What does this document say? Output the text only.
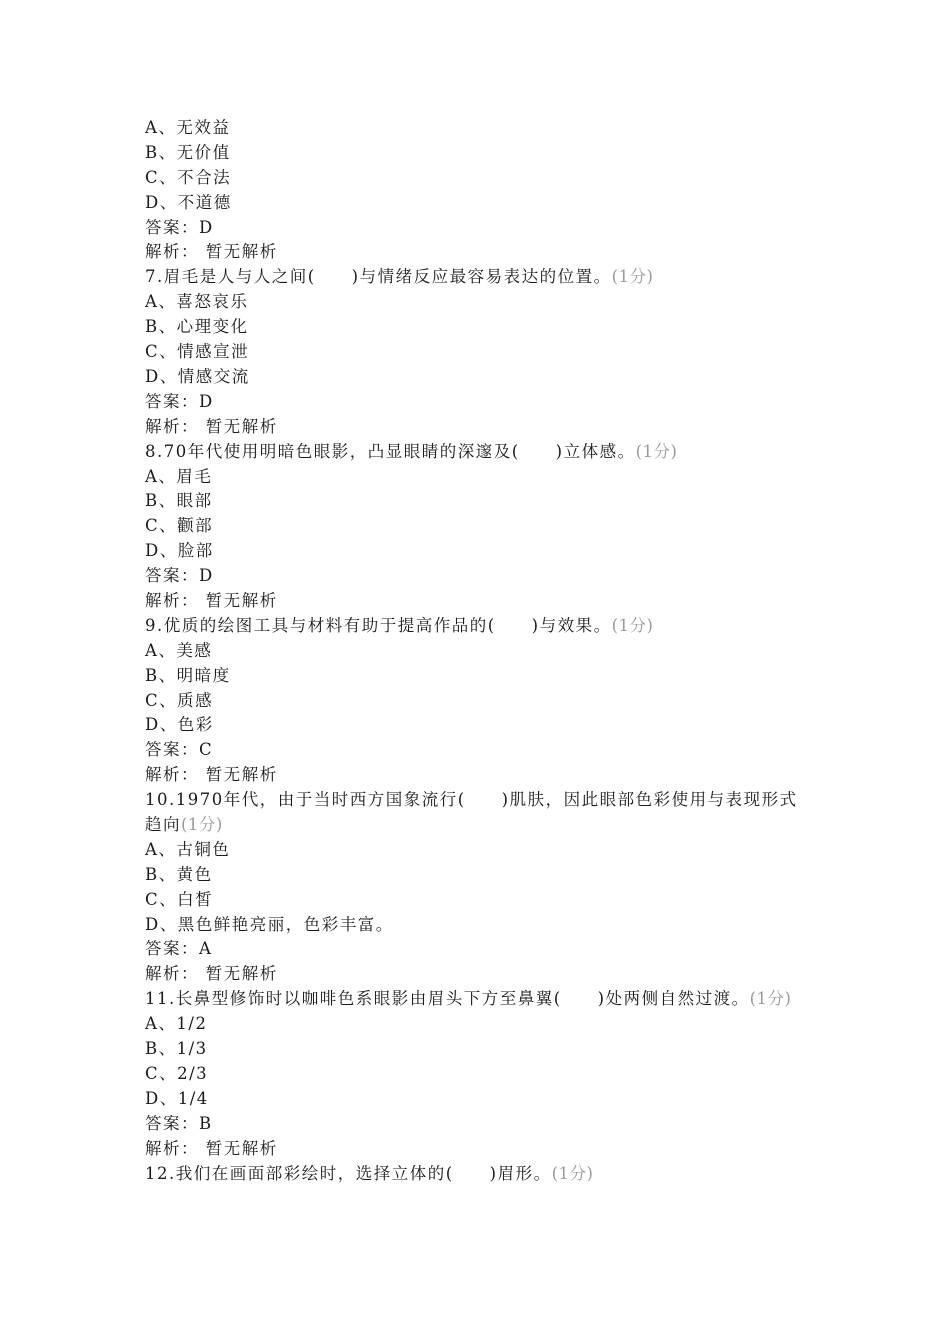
A、无效益
B、无价值
C、不合法
D、不道德
答案：D
解析： 暂无解析
7.眉毛是人与人之间(　　)与情绪反应最容易表达的位置。(1分)
A、喜怒哀乐
B、心理变化
C、情感宣泄
D、情感交流
答案：D
解析： 暂无解析
8.70年代使用明暗色眼影，凸显眼睛的深邃及(　　)立体感。(1分)
A、眉毛
B、眼部
C、颧部
D、脸部
答案：D
解析： 暂无解析
9.优质的绘图工具与材料有助于提高作品的(　　)与效果。(1分)
A、美感
B、明暗度
C、质感
D、色彩
答案：C
解析： 暂无解析
10.1970年代，由于当时西方国象流行(　　)肌肤，因此眼部色彩使用与表现形式趋向(1分)
A、古铜色
B、黄色
C、白皙
D、黑色鲜艳亮丽，色彩丰富。
答案：A
解析： 暂无解析
11.长鼻型修饰时以咖啡色系眼影由眉头下方至鼻翼(　　)处两侧自然过渡。(1分)
A、1/2
B、1/3
C、2/3
D、1/4
答案：B
解析： 暂无解析
12.我们在画面部彩绘时，选择立体的(　　)眉形。(1分)
